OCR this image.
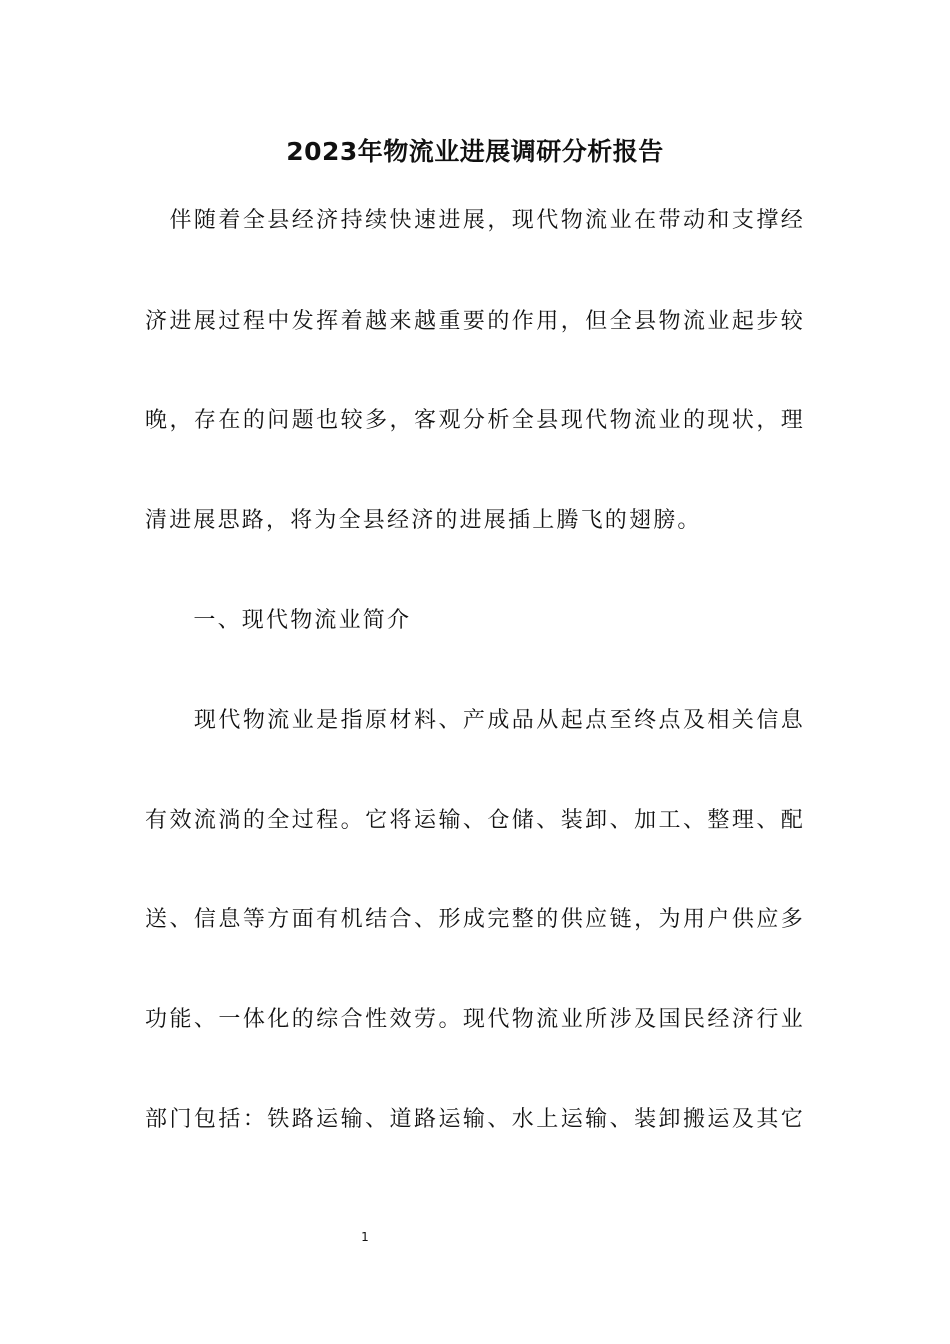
2023年物流业进展调研分析报告
　伴随着全县经济持续快速进展，现代物流业在带动和支撑经
济进展过程中发挥着越来越重要的作用，但全县物流业起步较
晚，存在的问题也较多，客观分析全县现代物流业的现状，理
清进展思路，将为全县经济的进展插上腾飞的翅膀。
　　一、现代物流业简介
　　现代物流业是指原材料、产成品从起点至终点及相关信息
有效流淌的全过程。它将运输、仓储、装卸、加工、整理、配
送、信息等方面有机结合、形成完整的供应链，为用户供应多
功能、一体化的综合性效劳。现代物流业所涉及国民经济行业
部门包括：铁路运输、道路运输、水上运输、装卸搬运及其它
1
